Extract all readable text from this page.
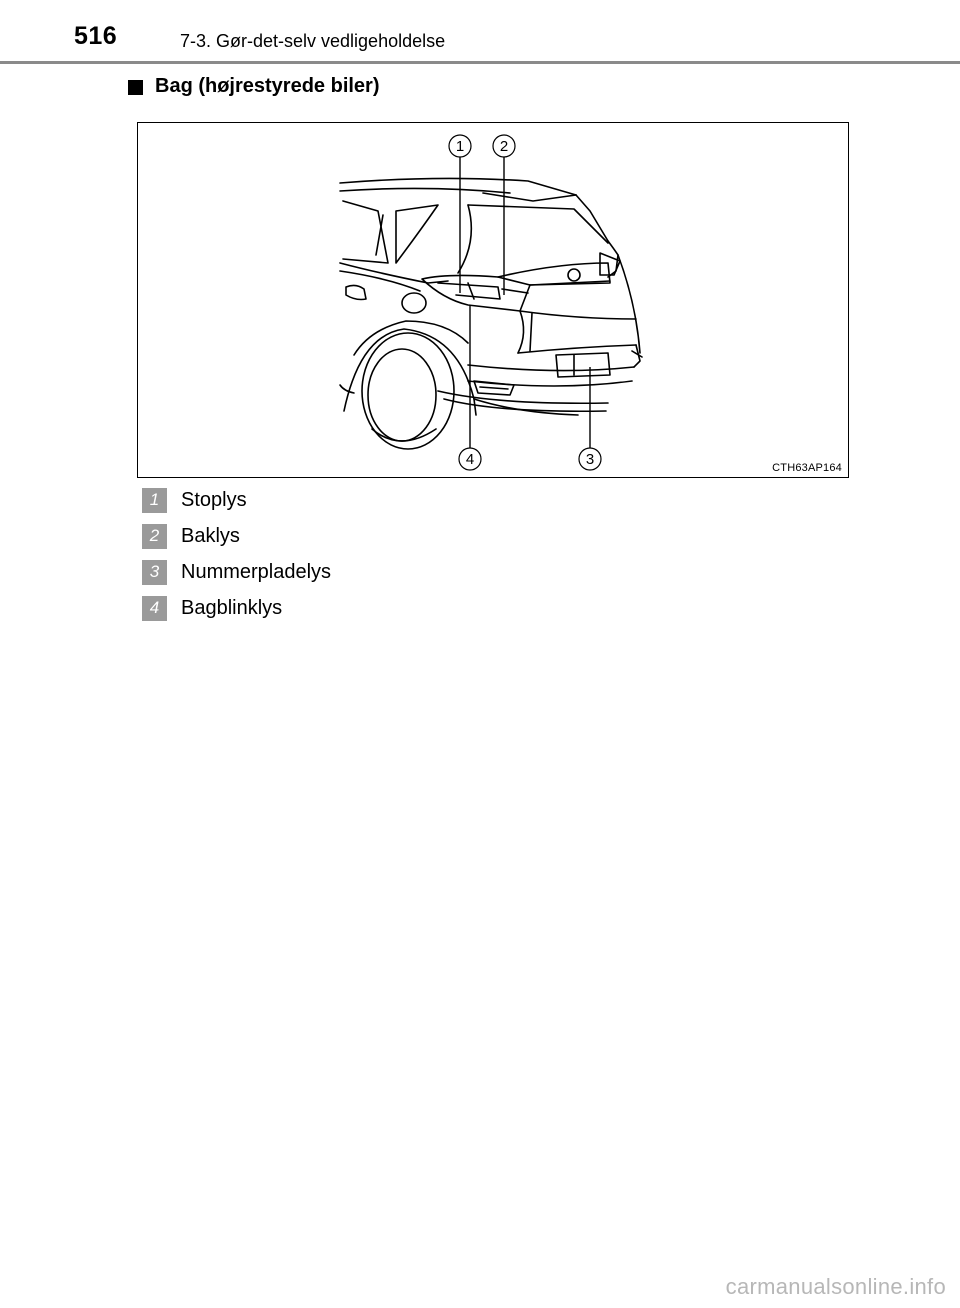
516	7-3. Gør-det-selv vedligeholdelse
Bag (højrestyrede biler)
1 2
3
4	CTH63AP164
1	Stoplys
2	Baklys
3	Nummerpladelys
4	Bagblinklys
carmanualsonline.info
